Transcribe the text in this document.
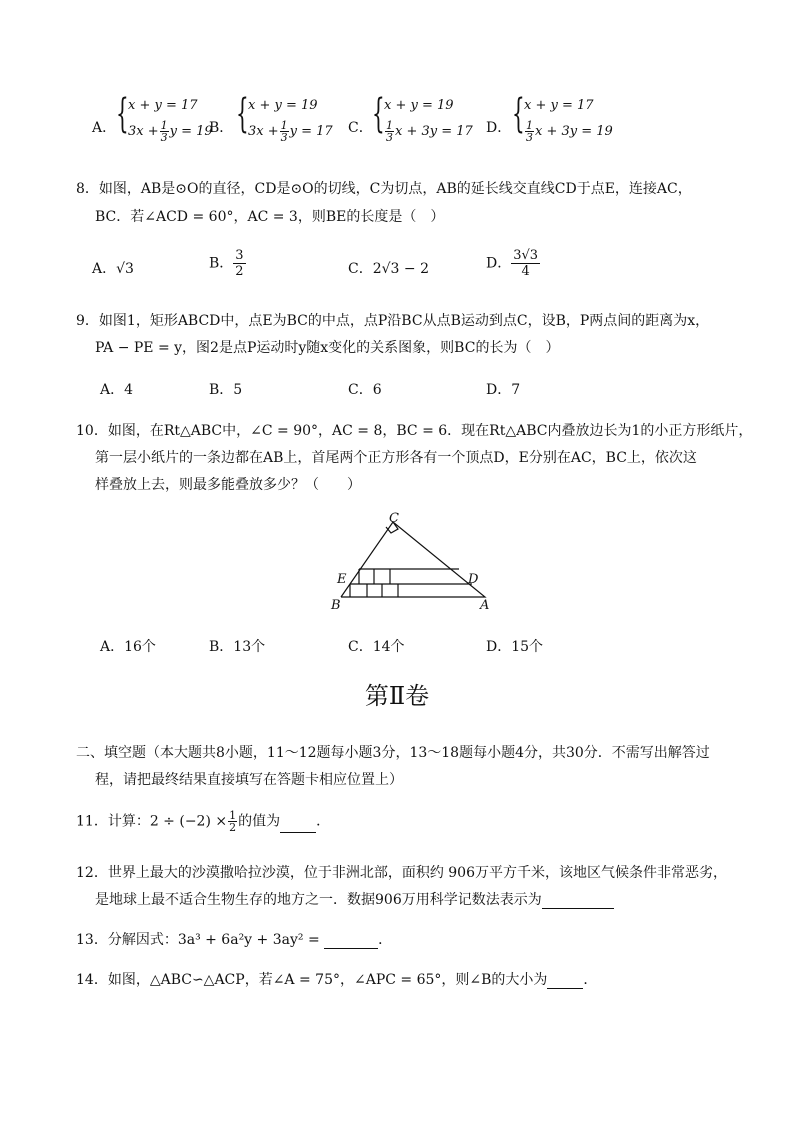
A． { x + y = 17
$3x + \frac{1}{3}$ y = 19
B． { x + y = 19
$3x + \frac{1}{3}$ y = 17 C． { x + y = 19
$\frac{1}{3}$ x + 3y = 17 D． { x + y = 17
$\frac{1}{3}$ x + 3y = 19
8．如图，AB是⊙O的直径，CD是⊙O的切线，C为切点，AB的延长线交直线CD于点E，连接AC，
BC．若∠ACD = 60°，AC = 3，则BE的长度是（　）
A．√3	B． $\frac{3}{2}$	C．2√3 − 2	D． $\frac{3√3}{4}$
9．如图1，矩形ABCD中，点E为BC的中点，点P沿BC从点B运动到点C，设B，P两点间的距离为x，
PA − PE = y，图2是点P运动时y随x变化的关系图象，则BC的长为（　）
A．4	B．5	C．6	D．7
10．如图，在Rt△ABC中，∠C = 90°，AC = 8，BC = 6．现在Rt△ABC内叠放边长为1的小正方形纸片，
第一层小纸片的一条边都在AB上，首尾两个正方形各有一个顶点D，E分别在AC，BC上，依次这
样叠放上去，则最多能叠放多少？（　　）
C
E	D
B	A
A．16个	B．13个	C．14个	D．15个
第Ⅱ卷
二、填空题（本大题共8小题，11～12题每小题3分，13～18题每小题4分，共30分．不需写出解答过
程，请把最终结果直接填写在答题卡相应位置上）
11．计算：$2 \div (-2) \times \frac{1}{2}$ 的值为	．
12．世界上最大的沙漠撒哈拉沙漠，位于非洲北部，面积约 906万平方千米，该地区气候条件非常恶劣，
是地球上最不适合生物生存的地方之一．数据906万用科学记数法表示为
13．分解因式：3a³ + 6a²y + 3ay² =	．
14．如图，△ABC∽△ACP，若∠A = 75°，∠APC = 65°，则∠B的大小为	．
